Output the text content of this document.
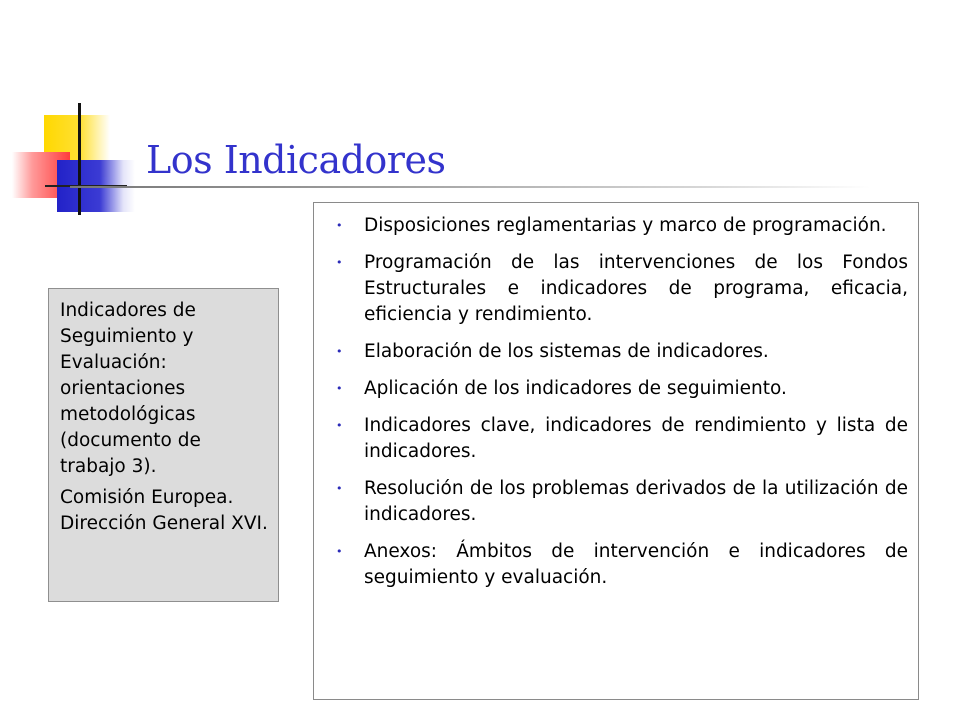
Los Indicadores

Indicadores de Seguimiento y Evaluación: orientaciones metodológicas (documento de trabajo 3).

Comisión Europea. Dirección General XVI.

• Disposiciones reglamentarias y marco de programación.
• Programación de las intervenciones de los Fondos Estructurales e indicadores de programa, eficacia, eficiencia y rendimiento.
• Elaboración de los sistemas de indicadores.
• Aplicación de los indicadores de seguimiento.
• Indicadores clave, indicadores de rendimiento y lista de indicadores.
• Resolución de los problemas derivados de la utilización de indicadores.
• Anexos: Ámbitos de intervención e indicadores de seguimiento y evaluación.
